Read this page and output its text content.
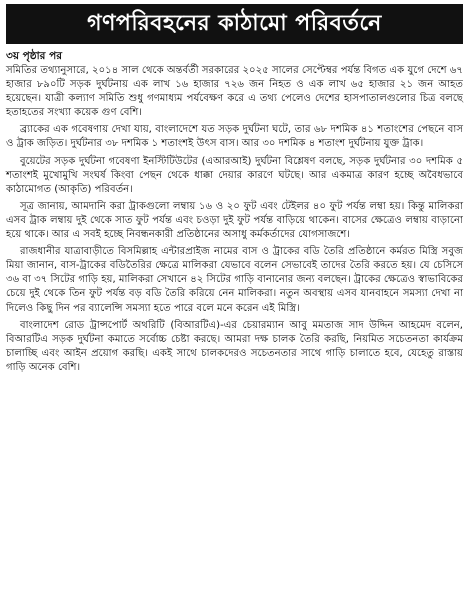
গণপরিবহনের কাঠামো পরিবর্তনে
৩য় পৃষ্ঠার পর

সমিতির তথ্যানুসারে, ২০১৪ সাল থেকে অন্তর্বর্তী সরকারের ২০২৫ সালের সেপ্টেম্বর পর্যন্ত বিগত এক যুগে দেশে ৬৭ হাজার ৮৯০টি সড়ক দুর্ঘটনায় এক লাখ ১৬ হাজার ৭২৬ জন নিহত ও এক লাখ ৬৫ হাজার ২১ জন আহত হয়েছেন। যাত্রী কল্যাণ সমিতি শুধু গণমাধ্যম পর্যবেক্ষণ করে এ তথ্য পেলেও দেশের হাসপাতালগুলোর চিত্র বলছে হতাহতের সংখ্যা কয়েক গুণ বেশি।

ব্র্যাকের এক গবেষণায় দেখা যায়, বাংলাদেশে যত সড়ক দুর্ঘটনা ঘটে, তার ৬৮ দশমিক ৪১ শতাংশের পেছনে বাস ও ট্রাক জড়িত। দুর্ঘটনার ৩৮ দশমিক ১ শতাংশই উৎস বাস। আর ৩০ দশমিক ৪ শতাংশ দুর্ঘটনায় যুক্ত ট্রাক।

বুয়েটের সড়ক দুর্ঘটনা গবেষণা ইনস্টিটিউটের (এআরআই) দুর্ঘটনা বিশ্লেষণ বলছে, সড়ক দুর্ঘটনার ৩০ দশমিক ৫ শতাংশই মুখোমুখি সংঘর্ষ কিংবা পেছন থেকে ধাক্কা দেয়ার কারণে ঘটছে। আর একমাত্র কারণ হচ্ছে অবৈধভাবে কাঠামোগত (আকৃতি) পরিবর্তন।

সূত্র জানায়, আমদানি করা ট্রাকগুলো লম্বায় ১৬ ও ২০ ফুট এবং টেইলর ৪০ ফুট পর্যন্ত লম্বা হয়। কিন্তু মালিকরা এসব ট্রাক লম্বায় দুই থেকে সাত ফুট পর্যন্ত এবং চওড়া দুই ফুট পর্যন্ত বাড়িয়ে থাকেন। বাসের ক্ষেত্রেও লম্বায় বাড়ানো হয়ে থাকে। আর এ সবই হচ্ছে নিবন্ধনকারী প্রতিষ্ঠানের অসাধু কর্মকর্তাদের যোগসাজশে।

রাজধানীর যাত্রাবাড়ীতে বিসমিল্লাহ এন্টারপ্রাইজ নামের বাস ও ট্রাকের বডি তৈরি প্রতিষ্ঠানে কর্মরত মিস্ত্রি সবুজ মিয়া জানান, বাস-ট্রাকের বডিতৈরির ক্ষেত্রে মালিকরা যেভাবে বলেন সেভাবেই তাদের তৈরি করতে হয়। যে চেসিসে ৩৬ বা ৩৭ সিটের গাড়ি হয়, মালিকরা সেখানে ৪২ সিটের গাড়ি বানানোর জন্য বলছেন। ট্রাকের ক্ষেত্রেও স্বাভাবিকের চেয়ে দুই থেকে তিন ফুট পর্যন্ত বড় বডি তৈরি করিয়ে নেন মালিকরা। নতুন অবস্থায় এসব যানবাহনে সমস্যা দেখা না দিলেও কিছু দিন পর ব্যালেন্সি সমস্যা হতে পারে বলে মনে করেন এই মিস্ত্রি।

বাংলাদেশ রোড ট্রান্সপোর্ট অথরিটি (বিআরটিএ)-এর চেয়ারম্যান আবু মমতাজ সাদ উদ্দিন আহমেদ বলেন, বিআরটিএ সড়ক দুর্ঘটনা কমাতে সর্বোচ্চ চেষ্টা করছে। আমরা দক্ষ চালক তৈরি করছি, নিয়মিত সচেতনতা কার্যক্রম চালাচ্ছি এবং আইন প্রয়োগ করছি। একই সাথে চালকদেরও সচেতনতার সাথে গাড়ি চালাতে হবে, যেহেতু রাস্তায় গাড়ি অনেক বেশি।
